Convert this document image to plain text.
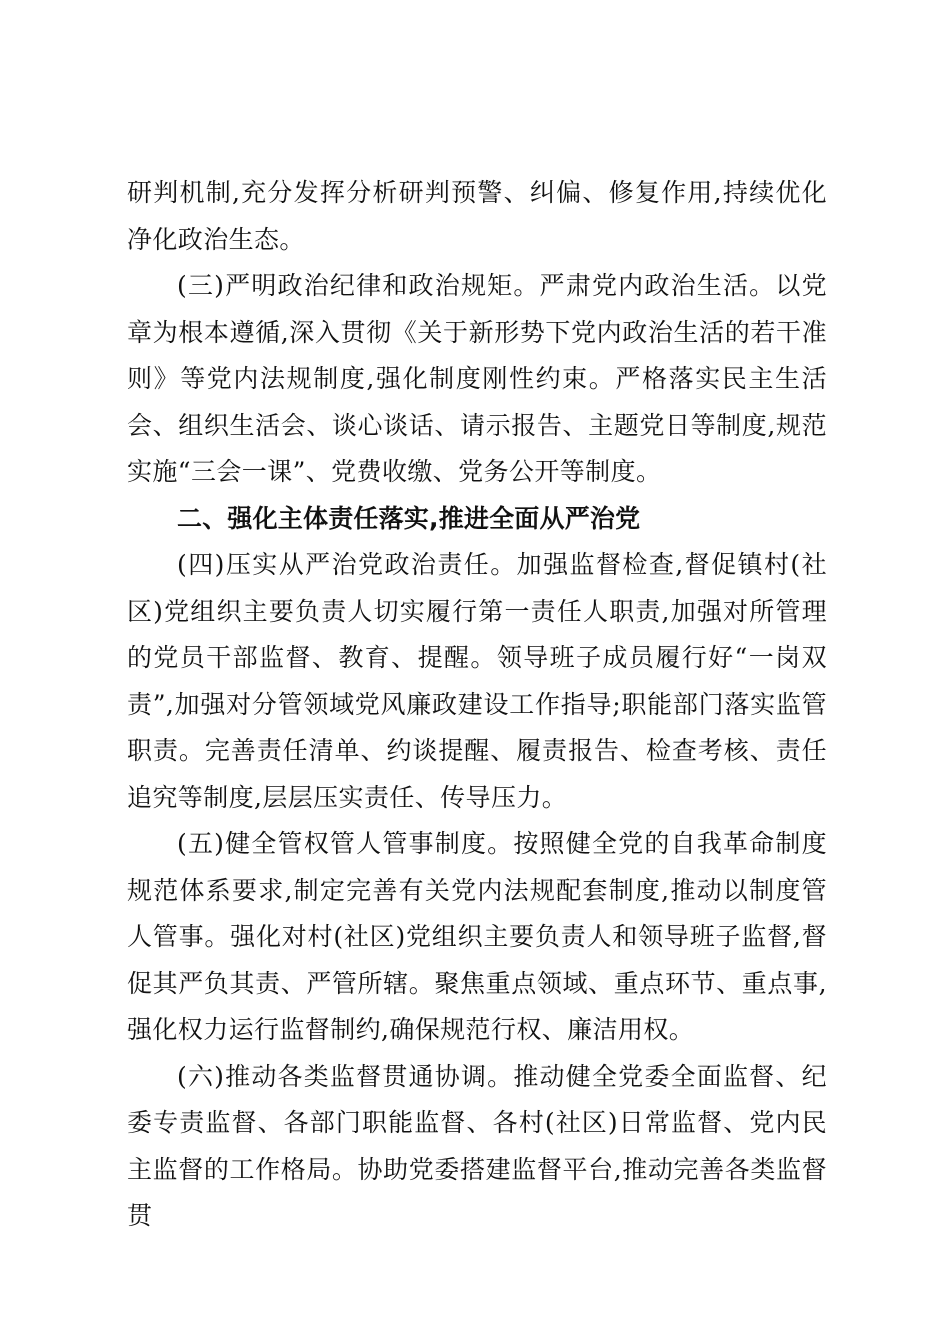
研判机制,充分发挥分析研判预警、纠偏、修复作用,持续优化净化政治生态。

(三)严明政治纪律和政治规矩。严肃党内政治生活。以党章为根本遵循,深入贯彻《关于新形势下党内政治生活的若干准则》等党内法规制度,强化制度刚性约束。严格落实民主生活会、组织生活会、谈心谈话、请示报告、主题党日等制度,规范实施“三会一课”、党费收缴、党务公开等制度。

二、强化主体责任落实,推进全面从严治党

(四)压实从严治党政治责任。加强监督检查,督促镇村(社区)党组织主要负责人切实履行第一责任人职责,加强对所管理的党员干部监督、教育、提醒。领导班子成员履行好“一岗双责”,加强对分管领域党风廉政建设工作指导;职能部门落实监管职责。完善责任清单、约谈提醒、履责报告、检查考核、责任追究等制度,层层压实责任、传导压力。

(五)健全管权管人管事制度。按照健全党的自我革命制度规范体系要求,制定完善有关党内法规配套制度,推动以制度管人管事。强化对村(社区)党组织主要负责人和领导班子监督,督促其严负其责、严管所辖。聚焦重点领域、重点环节、重点事,强化权力运行监督制约,确保规范行权、廉洁用权。

(六)推动各类监督贯通协调。推动健全党委全面监督、纪委专责监督、各部门职能监督、各村(社区)日常监督、党内民主监督的工作格局。协助党委搭建监督平台,推动完善各类监督贯
